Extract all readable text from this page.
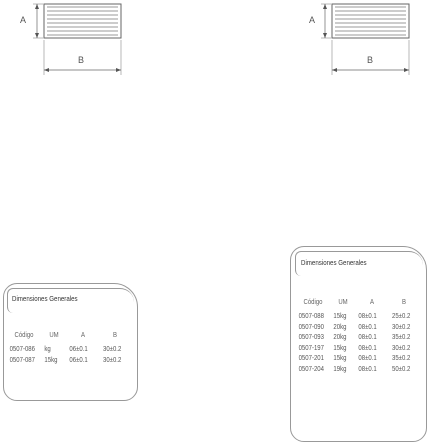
A
B
A
B
Dimensiones Generales
Código	UM	A	B
0507-086	kg	06±0.1	30±0.2
0507-087	15kg	06±0.1	30±0.2
Dimensiones Generales
Código	UM	A	B
0507-088	15kg	08±0.1	25±0.2
0507-090	20kg	08±0.1	30±0.2
0507-093	20kg	08±0.1	35±0.2
0507-197	15kg	08±0.1	30±0.2
0507-201	15kg	08±0.1	35±0.2
0507-204	19kg	08±0.1	50±0.2
